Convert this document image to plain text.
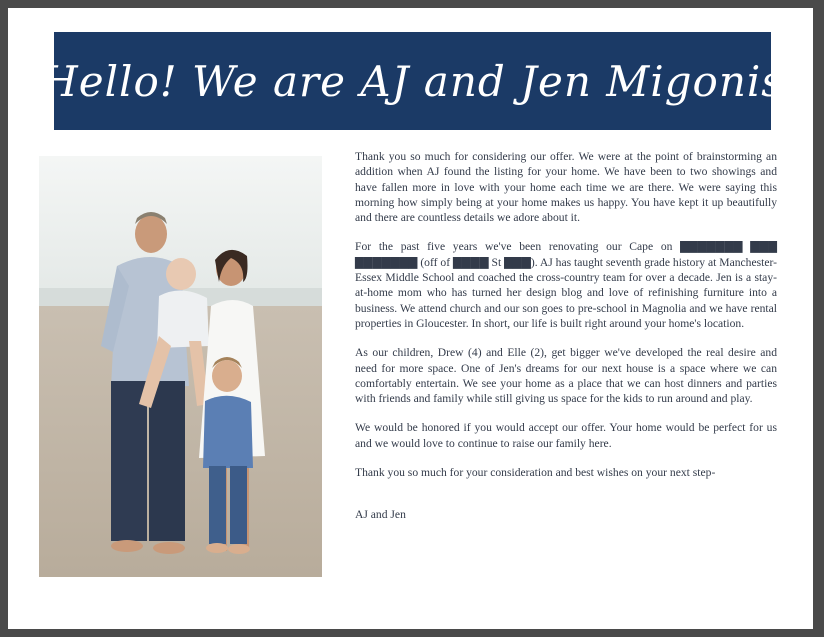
Hello! We are AJ and Jen Migonis

Thank you so much for considering our offer. We were at the point of brainstorming an addition when AJ found the listing for your home. We have been to two showings and have fallen more in love with your home each time we are there. We were saying this morning how simply being at your home makes us happy. You have kept it up beautifully and there are countless details we adore about it.

For the past five years we've been renovating our Cape on ▇▇▇▇▇▇▇ ▇▇▇ ▇▇▇▇▇▇▇ (off of ▇▇▇▇ St ▇▇▇). AJ has taught seventh grade history at Manchester-Essex Middle School and coached the cross-country team for over a decade. Jen is a stay-at-home mom who has turned her design blog and love of refinishing furniture into a business. We attend church and our son goes to pre-school in Magnolia and we have rental properties in Gloucester. In short, our life is built right around your home's location.

As our children, Drew (4) and Elle (2), get bigger we've developed the real desire and need for more space. One of Jen's dreams for our next house is a space where we can comfortably entertain. We see your home as a place that we can host dinners and parties with friends and family while still giving us space for the kids to run around and play.

We would be honored if you would accept our offer. Your home would be perfect for us and we would love to continue to raise our family here.

Thank you so much for your consideration and best wishes on your next step-

AJ and Jen
